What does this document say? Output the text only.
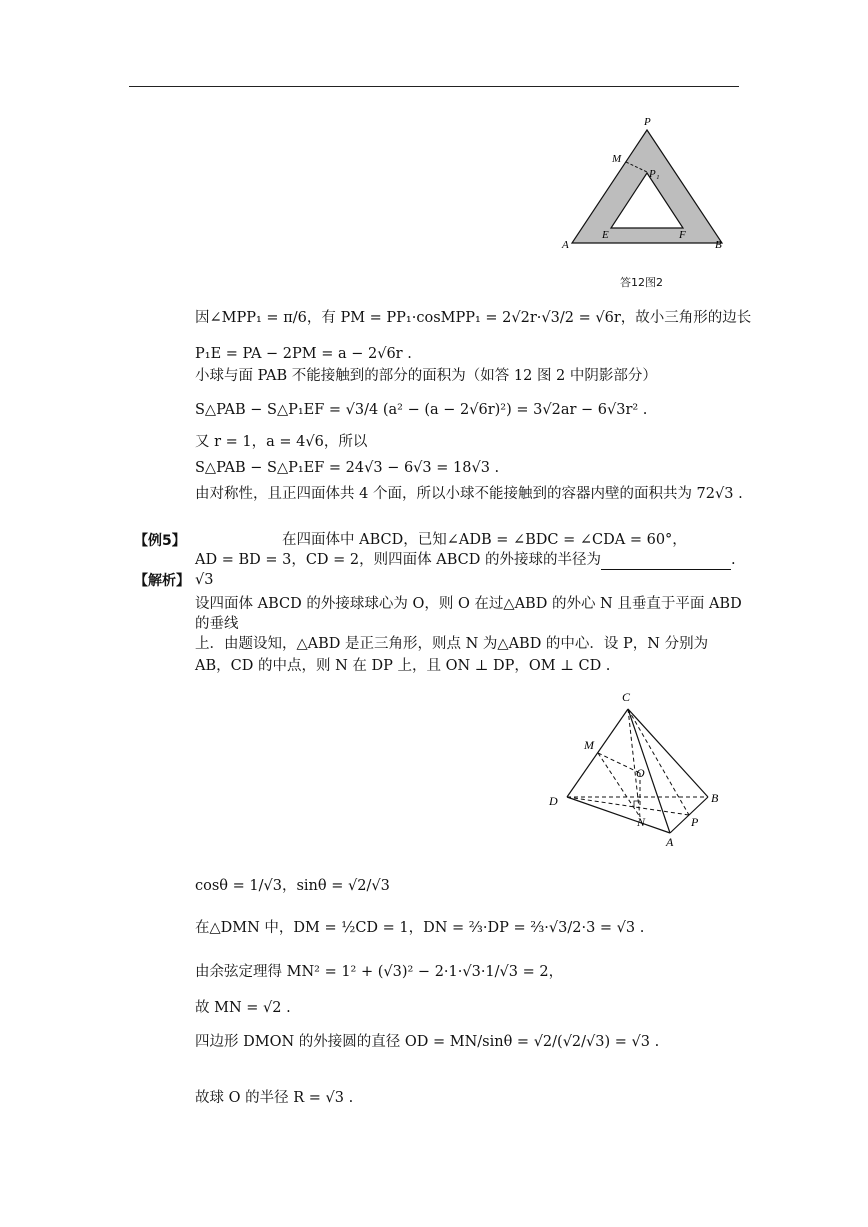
P
M
P₁
A	B
E	F
答12图2
因∠MPP₁ = π/6，有 PM = PP₁·cosMPP₁ = 2√2r·√3/2 = √6r，故小三角形的边长
P₁E = PA − 2PM = a − 2√6r .
小球与面 PAB 不能接触到的部分的面积为（如答 12 图 2 中阴影部分）
S△PAB − S△P₁EF = √3/4 (a² − (a − 2√6r)²) = 3√2ar − 6√3r² .
又 r = 1，a = 4√6，所以
S△PAB − S△P₁EF = 24√3 − 6√3 = 18√3 .
由对称性，且正四面体共 4 个面，所以小球不能接触到的容器内壁的面积共为 72√3 .
【例5】	在四面体中 ABCD，已知∠ADB = ∠BDC = ∠CDA = 60°，
AD = BD = 3，CD = 2，则四面体 ABCD 的外接球的半径为	.
【解析】 √3
设四面体 ABCD 的外接球球心为 O，则 O 在过△ABD 的外心 N 且垂直于平面 ABD
的垂线
上．由题设知，△ABD 是正三角形，则点 N 为△ABD 的中心．设 P，N 分别为
AB，CD 的中点，则 N 在 DP 上，且 ON ⊥ DP，OM ⊥ CD .
C
M
O
D	B
N	P
A
cosθ = 1/√3，sinθ = √2/√3
在△DMN 中，DM = ½CD = 1，DN = ⅔·DP = ⅔·√3/2·3 = √3 .
由余弦定理得 MN² = 1² + (√3)² − 2·1·√3·1/√3 = 2，
故 MN = √2 .
四边形 DMON 的外接圆的直径 OD = MN/sinθ = √2/(√2/√3) = √3 .
故球 O 的半径 R = √3 .
